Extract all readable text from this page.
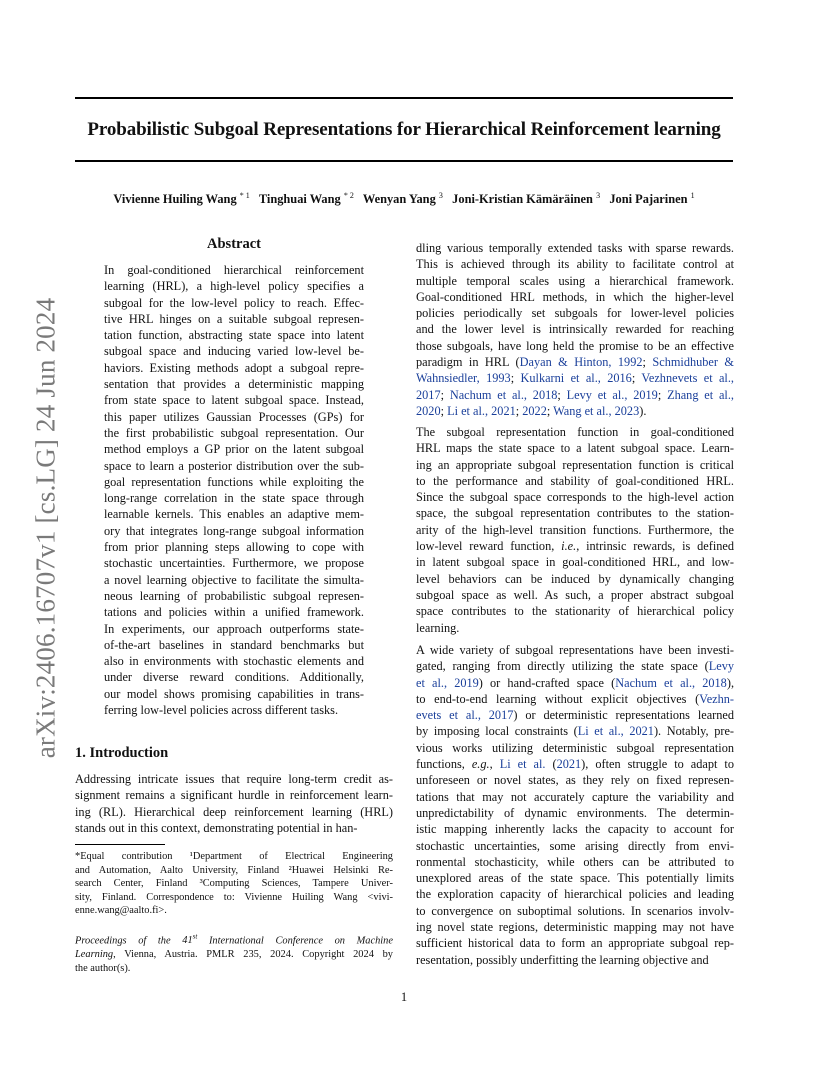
Probabilistic Subgoal Representations for Hierarchical Reinforcement learning
Vivienne Huiling Wang $^{* 1}$ Tinghuai Wang $^{* 2}$ Wenyan Yang $^3$ Joni-Kristian Kämäräinen $^3$ Joni Pajarinen $^1$
arXiv:2406.16707v1 [cs.LG] 24 Jun 2024
Abstract
In goal-conditioned hierarchical reinforcement
learning (HRL), a high-level policy specifies a
subgoal for the low-level policy to reach. Effec-
tive HRL hinges on a suitable subgoal represen-
tation function, abstracting state space into latent
subgoal space and inducing varied low-level be-
haviors. Existing methods adopt a subgoal repre-
sentation that provides a deterministic mapping
from state space to latent subgoal space. Instead,
this paper utilizes Gaussian Processes (GPs) for
the first probabilistic subgoal representation. Our
method employs a GP prior on the latent subgoal
space to learn a posterior distribution over the sub-
goal representation functions while exploiting the
long-range correlation in the state space through
learnable kernels. This enables an adaptive mem-
ory that integrates long-range subgoal information
from prior planning steps allowing to cope with
stochastic uncertainties. Furthermore, we propose
a novel learning objective to facilitate the simulta-
neous learning of probabilistic subgoal represen-
tations and policies within a unified framework.
In experiments, our approach outperforms state-
of-the-art baselines in standard benchmarks but
also in environments with stochastic elements and
under diverse reward conditions. Additionally,
our model shows promising capabilities in trans-
ferring low-level policies across different tasks.
1. Introduction
Addressing intricate issues that require long-term credit as-
signment remains a significant hurdle in reinforcement learn-
ing (RL). Hierarchical deep reinforcement learning (HRL)
stands out in this context, demonstrating potential in han-
*Equal contribution ¹Department of Electrical Engineering
and Automation, Aalto University, Finland ²Huawei Helsinki Re-
search Center, Finland ³Computing Sciences, Tampere Univer-
sity, Finland. Correspondence to: Vivienne Huiling Wang <vivi-
enne.wang@aalto.fi>.
Proceedings of the 41st International Conference on Machine
Learning, Vienna, Austria. PMLR 235, 2024. Copyright 2024 by
the author(s).
dling various temporally extended tasks with sparse rewards.
This is achieved through its ability to facilitate control at
multiple temporal scales using a hierarchical framework.
Goal-conditioned HRL methods, in which the higher-level
policies periodically set subgoals for lower-level policies
and the lower level is intrinsically rewarded for reaching
those subgoals, have long held the promise to be an effective
paradigm in HRL (Dayan & Hinton, 1992; Schmidhuber &
Wahnsiedler, 1993; Kulkarni et al., 2016; Vezhnevets et al.,
2017; Nachum et al., 2018; Levy et al., 2019; Zhang et al.,
2020; Li et al., 2021; 2022; Wang et al., 2023).
The subgoal representation function in goal-conditioned
HRL maps the state space to a latent subgoal space. Learn-
ing an appropriate subgoal representation function is critical
to the performance and stability of goal-conditioned HRL.
Since the subgoal space corresponds to the high-level action
space, the subgoal representation contributes to the station-
arity of the high-level transition functions. Furthermore, the
low-level reward function, i.e., intrinsic rewards, is defined
in latent subgoal space in goal-conditioned HRL, and low-
level behaviors can be induced by dynamically changing
subgoal space as well. As such, a proper abstract subgoal
space contributes to the stationarity of hierarchical policy
learning.
A wide variety of subgoal representations have been investi-
gated, ranging from directly utilizing the state space (Levy
et al., 2019) or hand-crafted space (Nachum et al., 2018),
to end-to-end learning without explicit objectives (Vezhn-
evets et al., 2017) or deterministic representations learned
by imposing local constraints (Li et al., 2021). Notably, pre-
vious works utilizing deterministic subgoal representation
functions, e.g., Li et al. (2021), often struggle to adapt to
unforeseen or novel states, as they rely on fixed represen-
tations that may not accurately capture the variability and
unpredictability of dynamic environments. The determin-
istic mapping inherently lacks the capacity to account for
stochastic uncertainties, some arising directly from envi-
ronmental stochasticity, while others can be attributed to
unexplored areas of the state space. This potentially limits
the exploration capacity of hierarchical policies and leading
to convergence on suboptimal solutions. In scenarios involv-
ing novel state regions, deterministic mapping may not have
sufficient historical data to form an appropriate subgoal rep-
resentation, possibly underfitting the learning objective and
1
